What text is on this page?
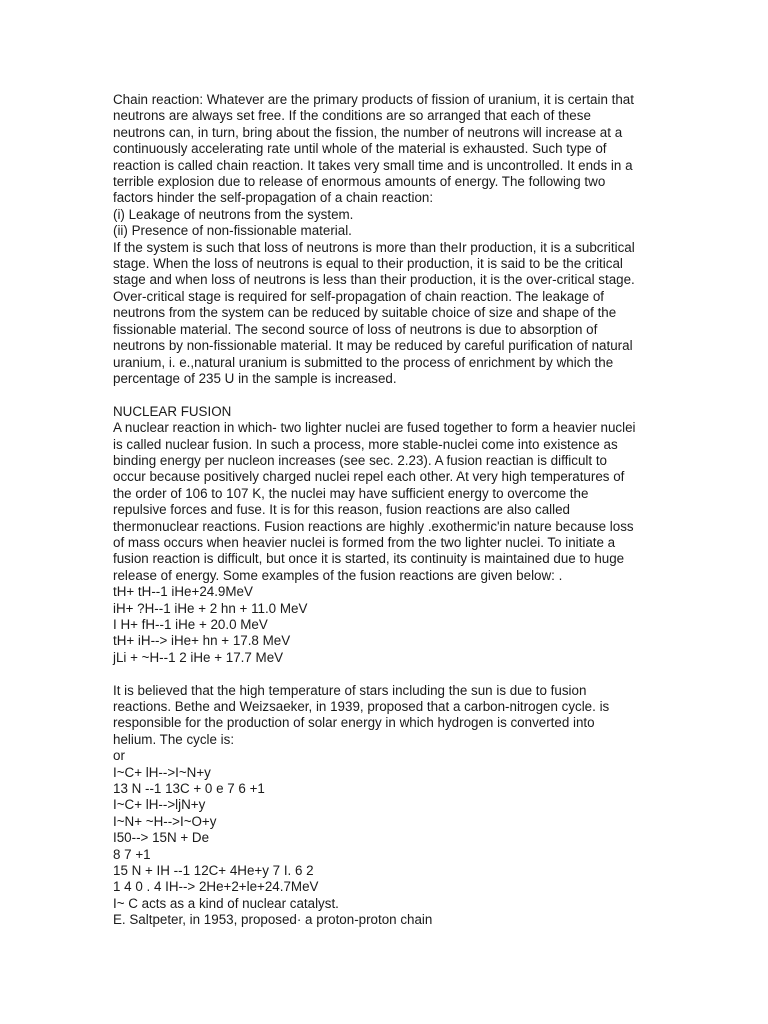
Chain reaction: Whatever are the primary products of fission of uranium, it is certain that
neutrons are always set free. If the conditions are so arranged that each of these
neutrons can, in turn, bring about the fission, the number of neutrons will increase at a
continuously accelerating rate until whole of the material is exhausted. Such type of
reaction is called chain reaction. It takes very small time and is uncontrolled. It ends in a
terrible explosion due to release of enormous amounts of energy. The following two
factors hinder the self-propagation of a chain reaction:
(i) Leakage of neutrons from the system.
(ii) Presence of non-fissionable material.
If the system is such that loss of neutrons is more than theIr production, it is a subcritical
stage. When the loss of neutrons is equal to their production, it is said to be the critical
stage and when loss of neutrons is less than their production, it is the over-critical stage.
Over-critical stage is required for self-propagation of chain reaction. The leakage of
neutrons from the system can be reduced by suitable choice of size and shape of the
fissionable material. The second source of loss of neutrons is due to absorption of
neutrons by non-fissionable material. It may be reduced by careful purification of natural
uranium, i. e.,natural uranium is submitted to the process of enrichment by which the
percentage of 235 U in the sample is increased.
NUCLEAR FUSION
A nuclear reaction in which- two lighter nuclei are fused together to form a heavier nuclei
is called nuclear fusion. In such a process, more stable-nuclei come into existence as
binding energy per nucleon increases (see sec. 2.23). A fusion reactian is difficult to
occur because positively charged nuclei repel each other. At very high temperatures of
the order of 106 to 107 K, the nuclei may have sufficient energy to overcome the
repulsive forces and fuse. It is for this reason, fusion reactions are also called
thermonuclear reactions. Fusion reactions are highly .exothermic'in nature because loss
of mass occurs when heavier nuclei is formed from the two lighter nuclei. To initiate a
fusion reaction is difficult, but once it is started, its continuity is maintained due to huge
release of energy. Some examples of the fusion reactions are given below: .
tH+ tH--1 iHe+24.9MeV
iH+ ?H--1 iHe + 2 hn + 11.0 MeV
I H+ fH--1 iHe + 20.0 MeV
tH+ iH--> iHe+ hn + 17.8 MeV
jLi + ~H--1 2 iHe + 17.7 MeV
It is believed that the high temperature of stars including the sun is due to fusion
reactions. Bethe and Weizsaeker, in 1939, proposed that a carbon-nitrogen cycle. is
responsible for the production of solar energy in which hydrogen is converted into
helium. The cycle is:
or
I~C+ lH-->I~N+y
13 N --1 13C + 0 e 7 6 +1
I~C+ lH-->ljN+y
I~N+ ~H-->I~O+y
I50--> 15N + De
8 7 +1
15 N + IH --1 12C+ 4He+y 7 I. 6 2
1 4 0 . 4 IH--> 2He+2+le+24.7MeV
I~ C acts as a kind of nuclear catalyst.
E. Saltpeter, in 1953, proposed· a proton-proton chain
